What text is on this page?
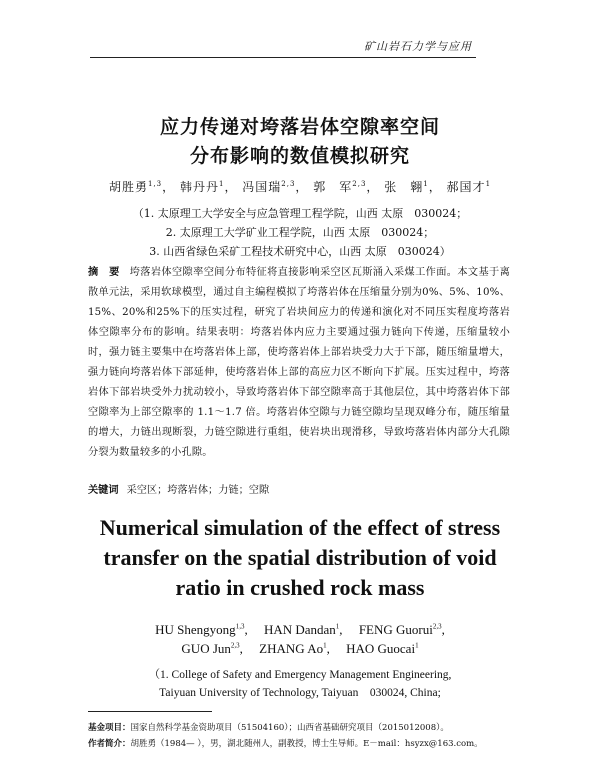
矿山岩石力学与应用
应力传递对垮落岩体空隙率空间
分布影响的数值模拟研究
胡胜勇$^{1,3}$， 韩丹丹$^1$， 冯国瑞$^{2,3}$， 郭　军$^{2,3}$， 张　翱$^1$， 郝国才$^1$
（1. 太原理工大学安全与应急管理工程学院，山西 太原　030024；
2. 太原理工大学矿业工程学院，山西 太原　030024；
3. 山西省绿色采矿工程技术研究中心，山西 太原　030024）
摘　要 垮落岩体空隙率空间分布特征将直接影响采空区瓦斯涌入采煤工作面。本文基于离散单元法，采用软球模型，通过自主编程模拟了垮落岩体在压缩量分别为0%、5%、10%、15%、20%和25%下的压实过程，研究了岩块间应力的传递和演化对不同压实程度垮落岩体空隙率分布的影响。结果表明：垮落岩体内应力主要通过强力链向下传递，压缩量较小时，强力链主要集中在垮落岩体上部，使垮落岩体上部岩块受力大于下部，随压缩量增大，强力链向垮落岩体下部延伸，使垮落岩体上部的高应力区不断向下扩展。压实过程中，垮落岩体下部岩块受外力扰动较小，导致垮落岩体下部空隙率高于其他层位，其中垮落岩体下部空隙率为上部空隙率的 1.1～1.7 倍。垮落岩体空隙与力链空隙均呈现双峰分布，随压缩量的增大，力链出现断裂，力链空隙进行重组，使岩块出现滑移，导致垮落岩体内部分大孔隙分裂为数量较多的小孔隙。
关键词 采空区；垮落岩体；力链；空隙
Numerical simulation of the effect of stress
transfer on the spatial distribution of void
ratio in crushed rock mass
HU Shengyong$^{1,3}$,　 HAN Dandan$^1$,　 FENG Guorui$^{2,3}$,
GUO Jun$^{2,3}$,　 ZHANG Ao$^1$,　 HAO Guocai$^1$
（1. College of Safety and Emergency Management Engineering,
Taiyuan University of Technology, Taiyuan　030024, China;
基金项目：国家自然科学基金资助项目（51504160）；山西省基础研究项目（2015012008）。
作者简介：胡胜勇（1984— ），男，湖北随州人，副教授，博士生导师。E－mail：hsyzx@163.com。
